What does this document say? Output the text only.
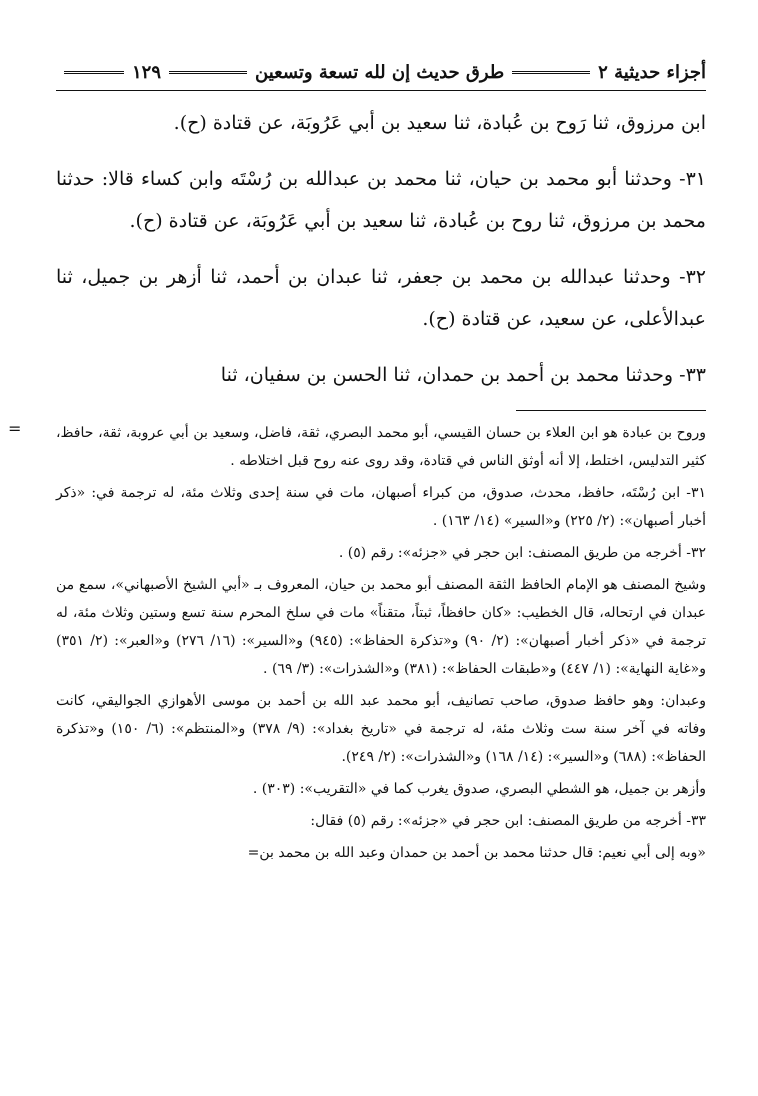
أجزاء حديثية ٢
طرق حديث إن لله تسعة وتسعين
١٢٩

ابن مرزوق، ثنا رَوح بن عُبادة، ثنا سعيد بن أبي عَرُوبَة، عن قتادة (ح).

٣١- وحدثنا أبو محمد بن حيان، ثنا محمد بن عبدالله بن رُسْتَه وابن كساء قالا: حدثنا محمد بن مرزوق، ثنا روح بن عُبادة، ثنا سعيد بن أبي عَرُوبَة، عن قتادة (ح).

٣٢- وحدثنا عبدالله بن محمد بن جعفر، ثنا عبدان بن أحمد، ثنا أزهر بن جميل، ثنا عبدالأعلى، عن سعيد، عن قتادة (ح).

٣٣- وحدثنا محمد بن أحمد بن حمدان، ثنا الحسن بن سفيان، ثنا

وروح بن عبادة هو ابن العلاء بن حسان القيسي، أبو محمد البصري، ثقة، فاضل، وسعيد بن أبي عروبة، ثقة، حافظ، كثير التدليس، اختلط، إلا أنه أوثق الناس في قتادة، وقد روى عنه روح قبل اختلاطه .

٣١- ابن رُسْتَه، حافظ، محدث، صدوق، من كبراء أصبهان، مات في سنة إحدى وثلاث مئة، له ترجمة في: «ذكر أخبار أصبهان»: (٢/ ٢٢٥) و«السير» (١٤/ ١٦٣) .

٣٢- أخرجه من طريق المصنف: ابن حجر في «جزئه»: رقم (٥) .

وشيخ المصنف هو الإمام الحافظ الثقة المصنف أبو محمد بن حيان، المعروف بـ «أبي الشيخ الأصبهاني»، سمع من عبدان في ارتحاله، قال الخطيب: «كان حافظاً، ثبتاً، متقناً» مات في سلخ المحرم سنة تسع وستين وثلاث مئة، له ترجمة في «ذكر أخبار أصبهان»: (٢/ ٩٠) و«تذكرة الحفاظ»: (٩٤٥) و«السير»: (١٦/ ٢٧٦) و«العبر»: (٢/ ٣٥١) و«غاية النهاية»: (١/ ٤٤٧) و«طبقات الحفاظ»: (٣٨١) و«الشذرات»: (٣/ ٦٩) .

وعبدان: وهو حافظ صدوق، صاحب تصانيف، أبو محمد عبد الله بن أحمد بن موسى الأهوازي الجواليقي، كانت وفاته في آخر سنة ست وثلاث مئة، له ترجمة في «تاريخ بغداد»: (٩/ ٣٧٨) و«المنتظم»: (٦/ ١٥٠) و«تذكرة الحفاظ»: (٦٨٨) و«السير»: (١٤/ ١٦٨) و«الشذرات»: (٢/ ٢٤٩).

وأزهر بن جميل، هو الشطي البصري، صدوق يغرب كما في «التقريب»: (٣٠٣) .

٣٣- أخرجه من طريق المصنف: ابن حجر في «جزئه»: رقم (٥) فقال:

«وبه إلى أبي نعيم: قال حدثنا محمد بن أحمد بن حمدان وعبد الله بن محمد بن=

=
